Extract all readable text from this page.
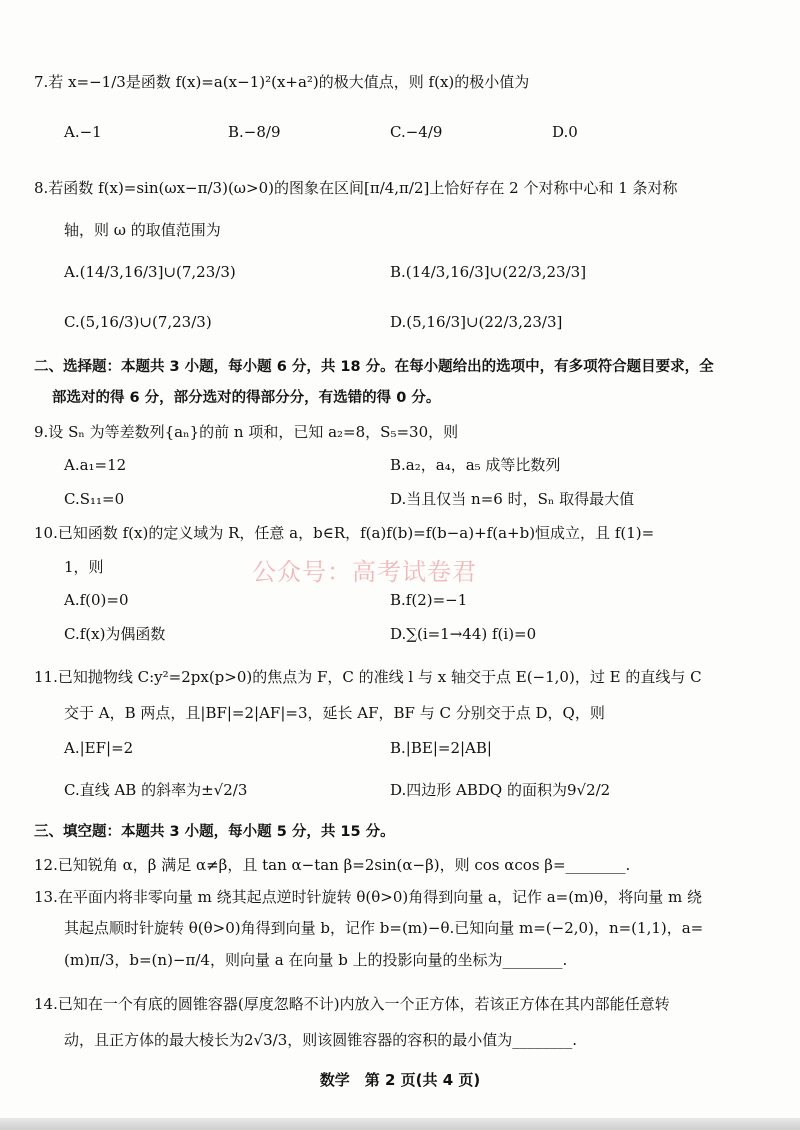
7.若 x=−1/3是函数 f(x)=a(x−1)²(x+a²)的极大值点，则 f(x)的极小值为
A.−1	B.−8/9	C.−4/9	D.0
8.若函数 f(x)=sin(ωx−π/3)(ω>0)的图象在区间[π/4,π/2]上恰好存在 2 个对称中心和 1 条对称
轴，则 ω 的取值范围为
A.(14/3,16/3]∪(7,23/3)	B.(14/3,16/3]∪(22/3,23/3]
C.(5,16/3)∪(7,23/3)	D.(5,16/3]∪(22/3,23/3]
二、选择题：本题共 3 小题，每小题 6 分，共 18 分。在每小题给出的选项中，有多项符合题目要求，全
部选对的得 6 分，部分选对的得部分分，有选错的得 0 分。
9.设 Sₙ 为等差数列{aₙ}的前 n 项和，已知 a₂=8，S₅=30，则
A.a₁=12	B.a₂，a₄，a₅ 成等比数列
C.S₁₁=0	D.当且仅当 n=6 时，Sₙ 取得最大值
10.已知函数 f(x)的定义域为 R，任意 a，b∈R，f(a)f(b)=f(b−a)+f(a+b)恒成立，且 f(1)=
1，则
A.f(0)=0	B.f(2)=−1
C.f(x)为偶函数	D.∑(i=1→44) f(i)=0
公众号：高考试卷君
11.已知抛物线 C:y²=2px(p>0)的焦点为 F，C 的准线 l 与 x 轴交于点 E(−1,0)，过 E 的直线与 C
交于 A，B 两点，且|BF|=2|AF|=3，延长 AF，BF 与 C 分别交于点 D，Q，则
A.|EF|=2	B.|BE|=2|AB|
C.直线 AB 的斜率为±√2/3	D.四边形 ABDQ 的面积为9√2/2
三、填空题：本题共 3 小题，每小题 5 分，共 15 分。
12.已知锐角 α，β 满足 α≠β，且 tan α−tan β=2sin(α−β)，则 cos αcos β=________.
13.在平面内将非零向量 m 绕其起点逆时针旋转 θ(θ>0)角得到向量 a，记作 a=(m)θ，将向量 m 绕
其起点顺时针旋转 θ(θ>0)角得到向量 b，记作 b=(m)−θ.已知向量 m=(−2,0)，n=(1,1)，a=
(m)π/3，b=(n)−π/4，则向量 a 在向量 b 上的投影向量的坐标为________.
14.已知在一个有底的圆锥容器(厚度忽略不计)内放入一个正方体，若该正方体在其内部能任意转
动，且正方体的最大棱长为2√3/3，则该圆锥容器的容积的最小值为________.
数学　第 2 页(共 4 页)
